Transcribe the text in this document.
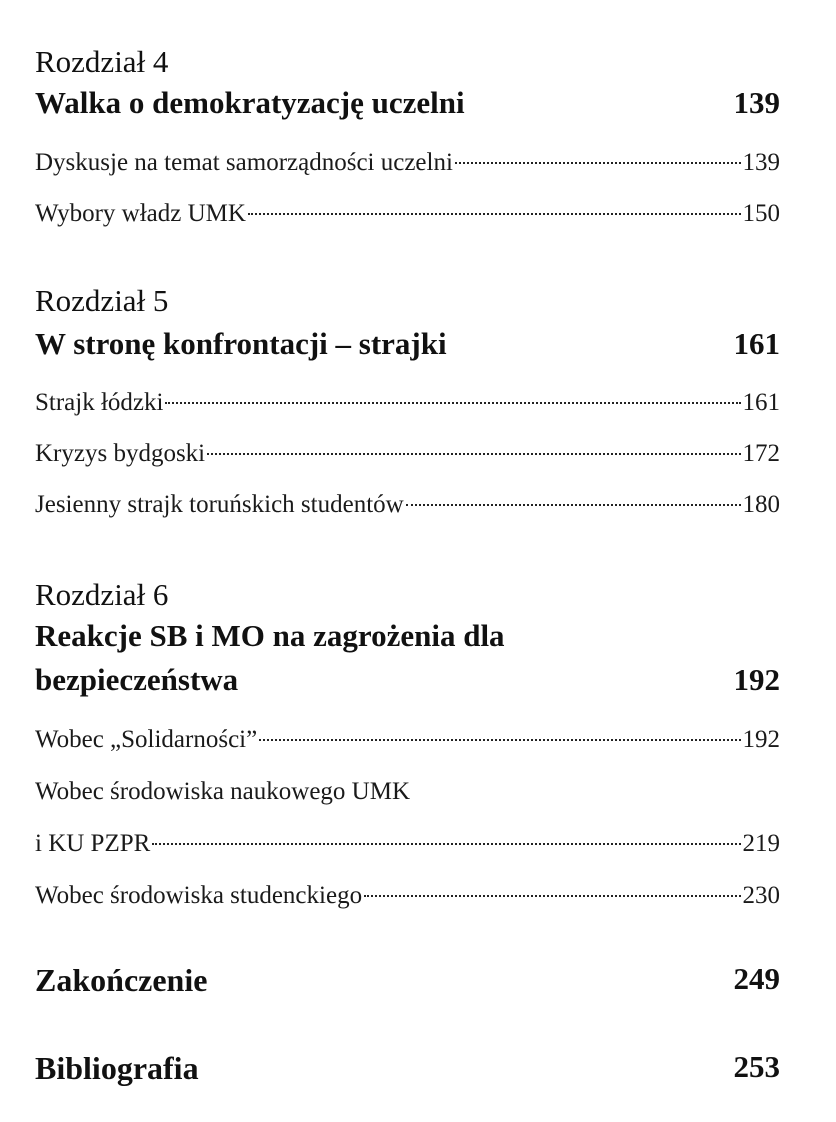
Rozdział 4
Walka o demokratyzację uczelni	139
Dyskusje na temat samorządności uczelni	139
Wybory władz UMK	150
Rozdział 5
W stronę konfrontacji – strajki	161
Strajk łódzki	161
Kryzys bydgoski	172
Jesienny strajk toruńskich studentów	180
Rozdział 6
Reakcje SB i MO na zagrożenia dla
bezpieczeństwa	192
Wobec „Solidarności”	192
Wobec środowiska naukowego UMK
i KU PZPR	219
Wobec środowiska studenckiego	230
Zakończenie	249
Bibliografia	253
